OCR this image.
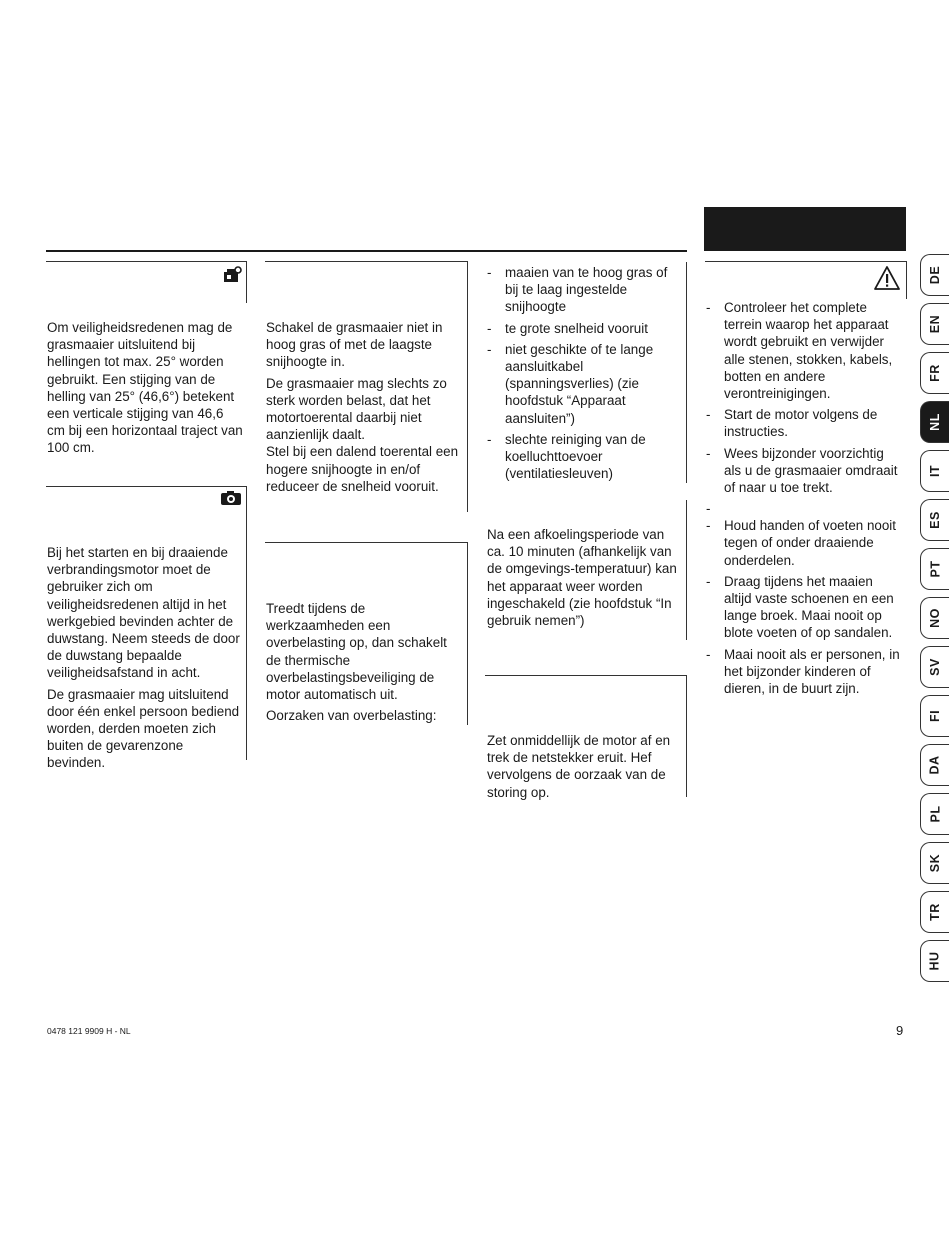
Om veiligheidsredenen mag de grasmaaier uitsluitend bij hellingen tot max. 25° worden gebruikt. Een stijging van de helling van 25° (46,6°) betekent een verticale stijging van 46,6 cm bij een horizontaal traject van 100 cm.

Bij het starten en bij draaiende verbrandingsmotor moet de gebruiker zich om veiligheidsredenen altijd in het werkgebied bevinden achter de duwstang. Neem steeds de door de duwstang bepaalde veiligheidsafstand in acht.

De grasmaaier mag uitsluitend door één enkel persoon bediend worden, derden moeten zich buiten de gevarenzone bevinden.

Schakel de grasmaaier niet in hoog gras of met de laagste snijhoogte in.

De grasmaaier mag slechts zo sterk worden belast, dat het motortoerental daarbij niet aanzienlijk daalt.

Stel bij een dalend toerental een hogere snijhoogte in en/of reduceer de snelheid vooruit.

Treedt tijdens de werkzaamheden een overbelasting op, dan schakelt de thermische overbelastingsbeveiliging de motor automatisch uit.

Oorzaken van overbelasting:

- maaien van te hoog gras of bij te laag ingestelde snijhoogte
- te grote snelheid vooruit
- niet geschikte of te lange aansluitkabel (spanningsverlies) (zie hoofdstuk “Apparaat aansluiten”)
- slechte reiniging van de koelluchttoevoer (ventilatiesleuven)

Na een afkoelingsperiode van ca. 10 minuten (afhankelijk van de omgevings-temperatuur) kan het apparaat weer worden ingeschakeld (zie hoofdstuk “In gebruik nemen”)

Zet onmiddellijk de motor af en trek de netstekker eruit. Hef vervolgens de oorzaak van de storing op.

- Controleer het complete terrein waarop het apparaat wordt gebruikt en verwijder alle stenen, stokken, kabels, botten en andere verontreinigingen.
- Start de motor volgens de instructies.
- Wees bijzonder voorzichtig als u de grasmaaier omdraait of naar u toe trekt.
-
- Houd handen of voeten nooit tegen of onder draaiende onderdelen.
- Draag tijdens het maaien altijd vaste schoenen en een lange broek. Maai nooit op blote voeten of op sandalen.
- Maai nooit als er personen, in het bijzonder kinderen of dieren, in de buurt zijn.
DE
EN
FR
NL
IT
ES
PT
NO
SV
FI
DA
PL
SK
TR
HU
0478 121 9909 H - NL	9
